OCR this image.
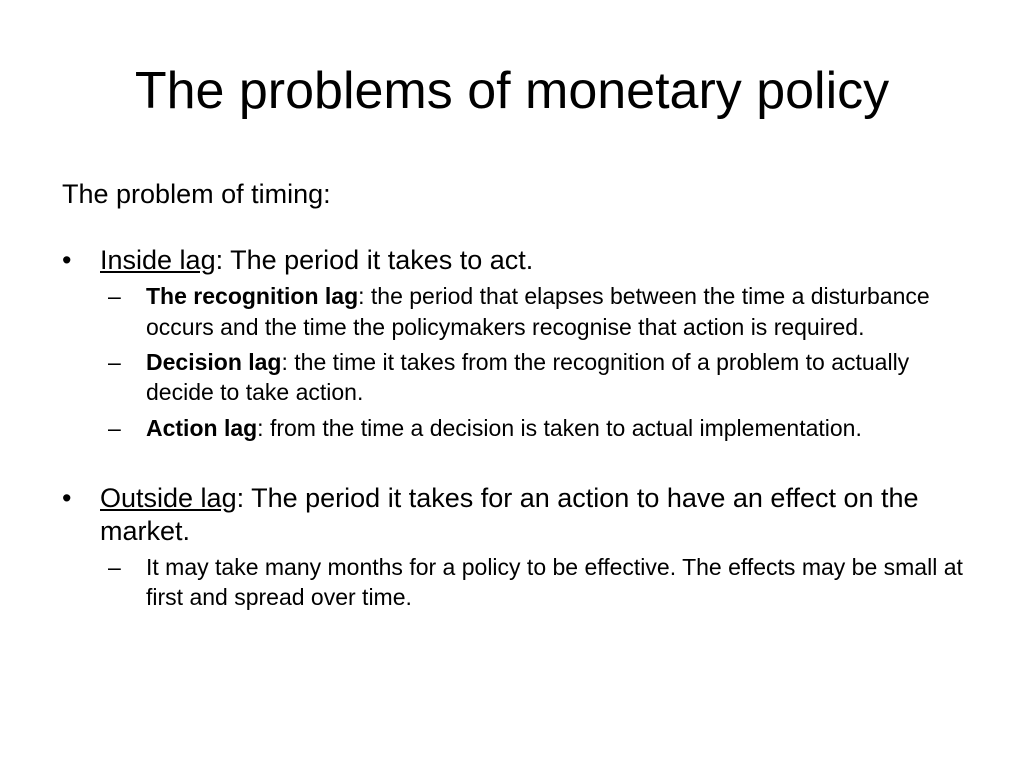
The problems of monetary policy

The problem of timing:

•	Inside lag: The period it takes to act.
– The recognition lag: the period that elapses between the time a disturbance occurs and the time the policymakers recognise that action is required.
– Decision lag: the time it takes from the recognition of a problem to actually decide to take action.
– Action lag: from the time a decision is taken to actual implementation.
•	Outside lag: The period it takes for an action to have an effect on the market.
– It may take many months for a policy to be effective. The effects may be small at first and spread over time.
